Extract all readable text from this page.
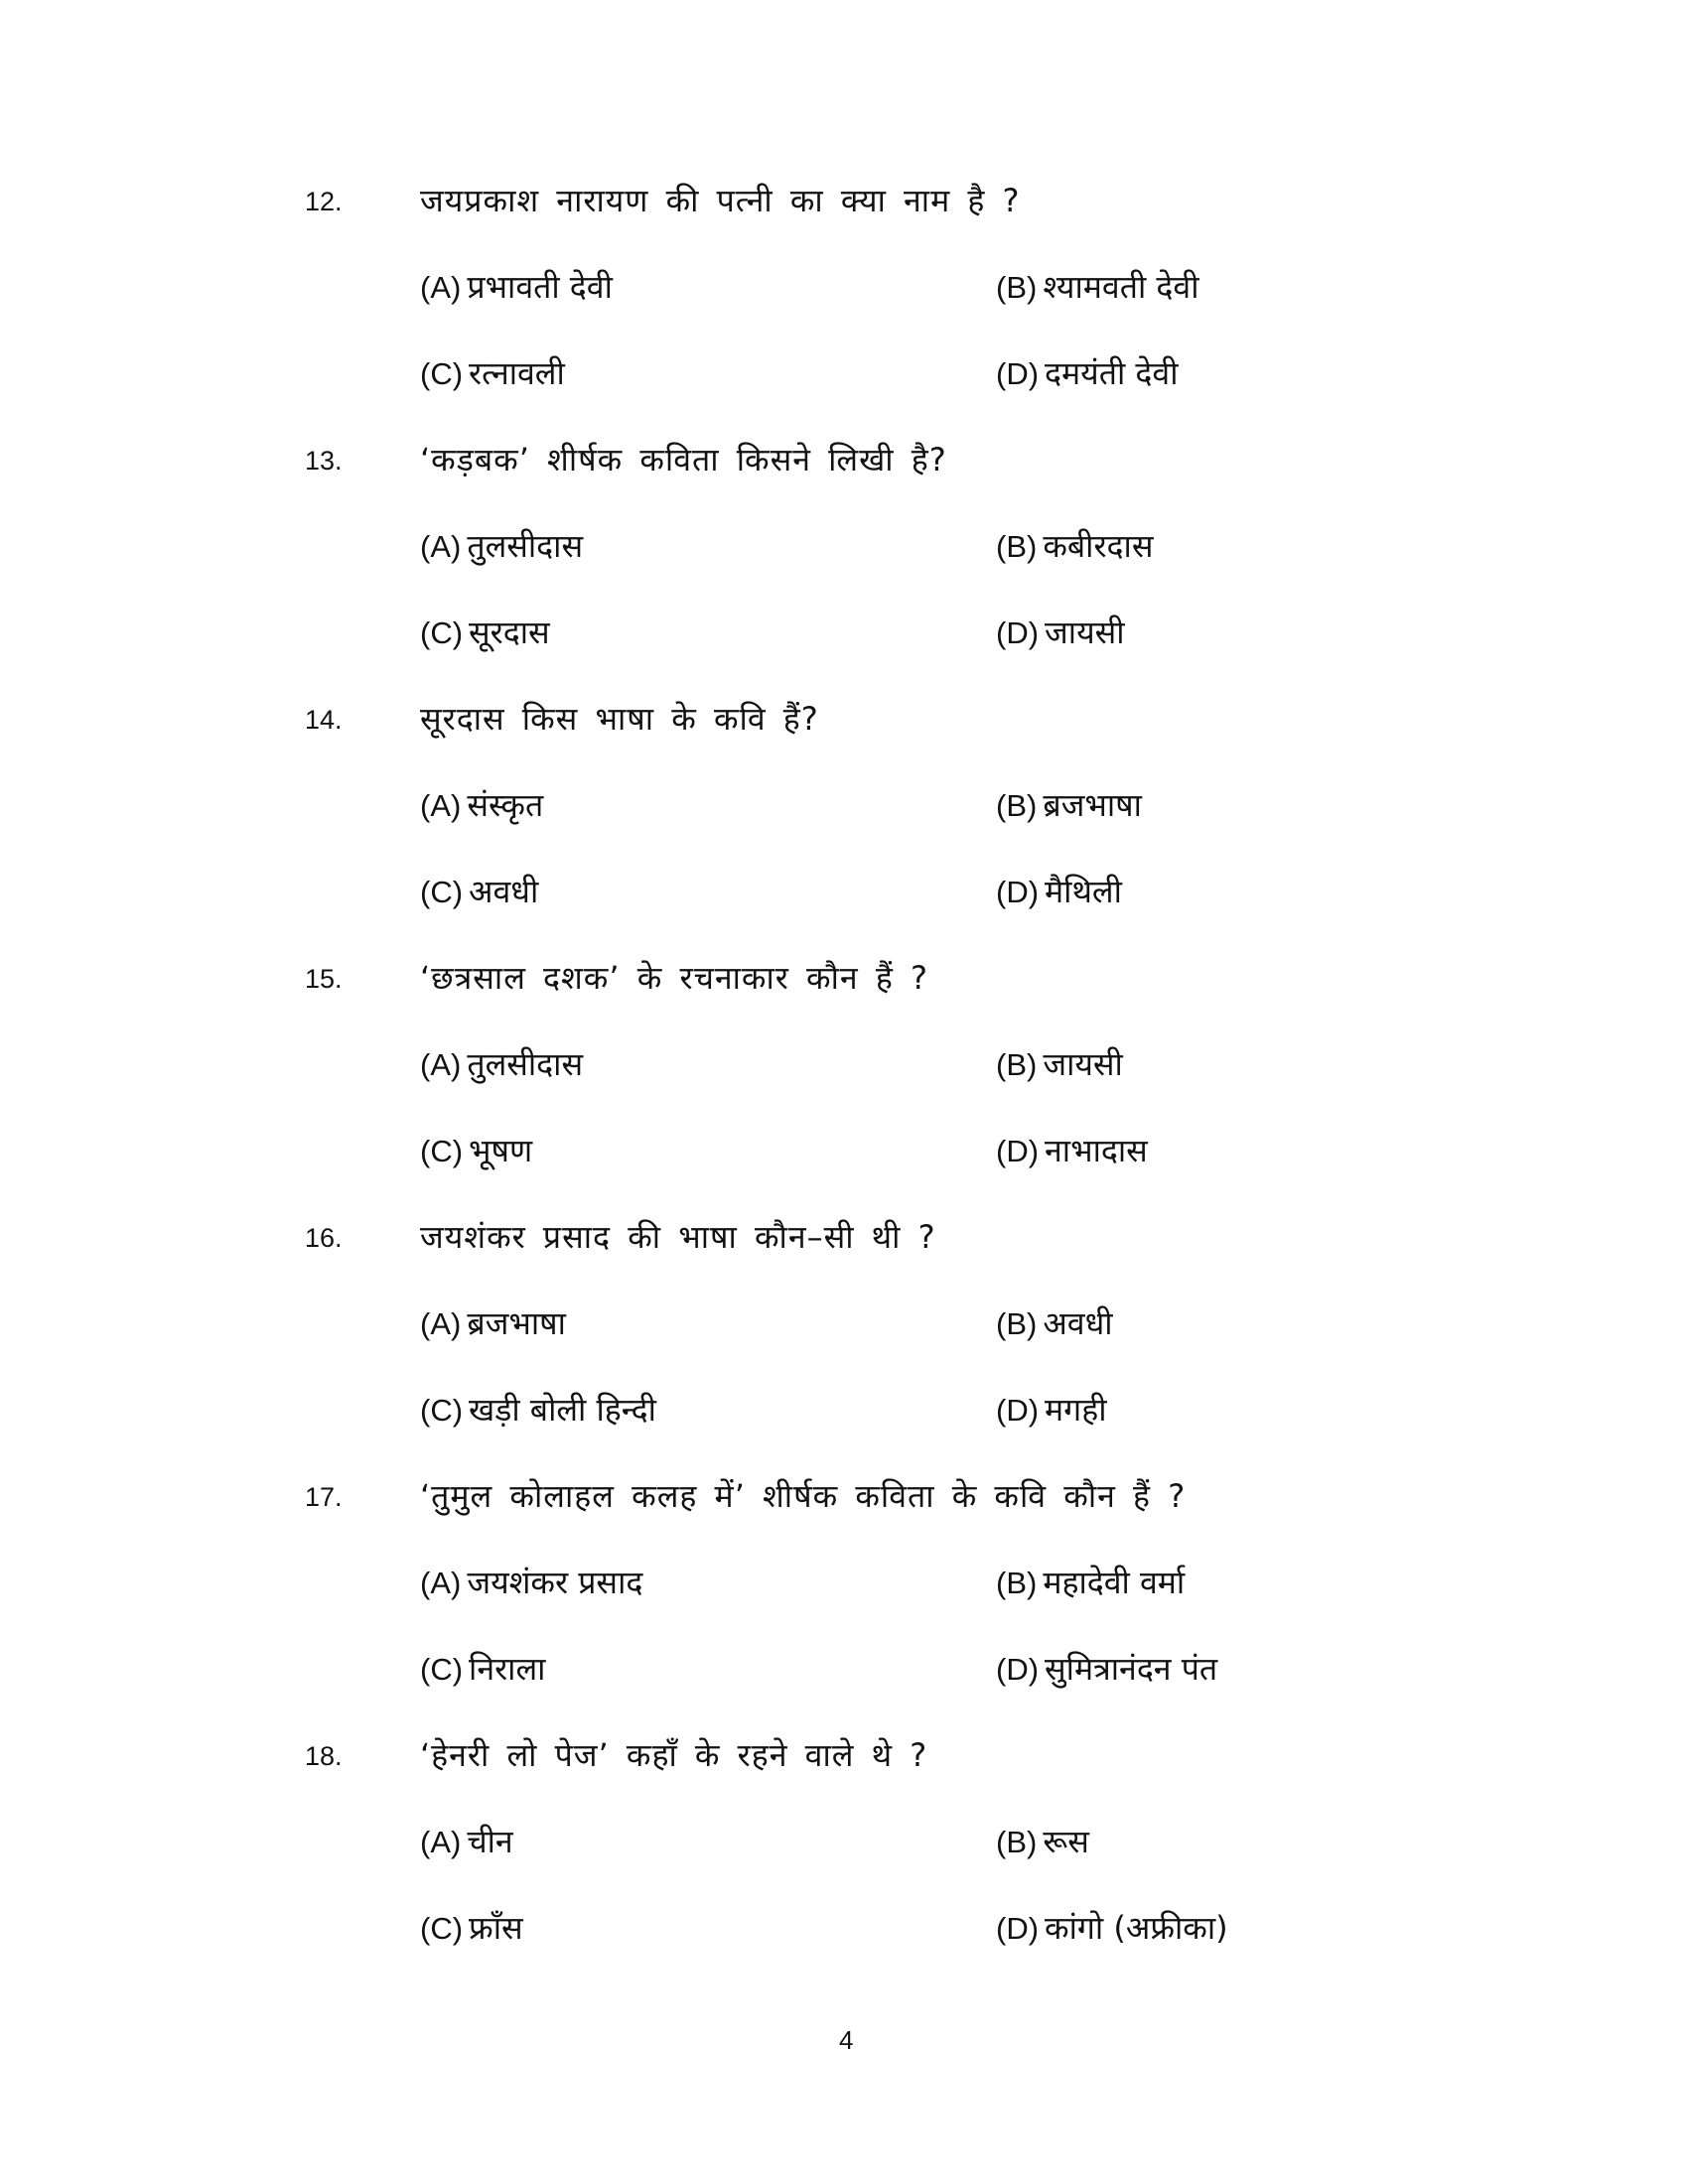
12. जयप्रकाश नारायण की पत्नी का क्या नाम है ?
(A) प्रभावती देवी	(B) श्यामवती देवी
(C) रत्नावली	(D) दमयंती देवी
13. ‘कड़बक’ शीर्षक कविता किसने लिखी है?
(A) तुलसीदास	(B) कबीरदास
(C) सूरदास	(D) जायसी
14. सूरदास किस भाषा के कवि हैं?
(A) संस्कृत	(B) ब्रजभाषा
(C) अवधी	(D) मैथिली
15. ‘छत्रसाल दशक’ के रचनाकार कौन हैं ?
(A) तुलसीदास	(B) जायसी
(C) भूषण	(D) नाभादास
16. जयशंकर प्रसाद की भाषा कौन–सी थी ?
(A) ब्रजभाषा	(B) अवधी
(C) खड़ी बोली हिन्दी	(D) मगही
17. ‘तुमुल कोलाहल कलह में’ शीर्षक कविता के कवि कौन हैं ?
(A) जयशंकर प्रसाद	(B) महादेवी वर्मा
(C) निराला	(D) सुमित्रानंदन पंत
18. ‘हेनरी लो पेज’ कहाँ के रहने वाले थे ?
(A) चीन	(B) रूस
(C) फ्राँस	(D) कांगो (अफ्रीका)
4
